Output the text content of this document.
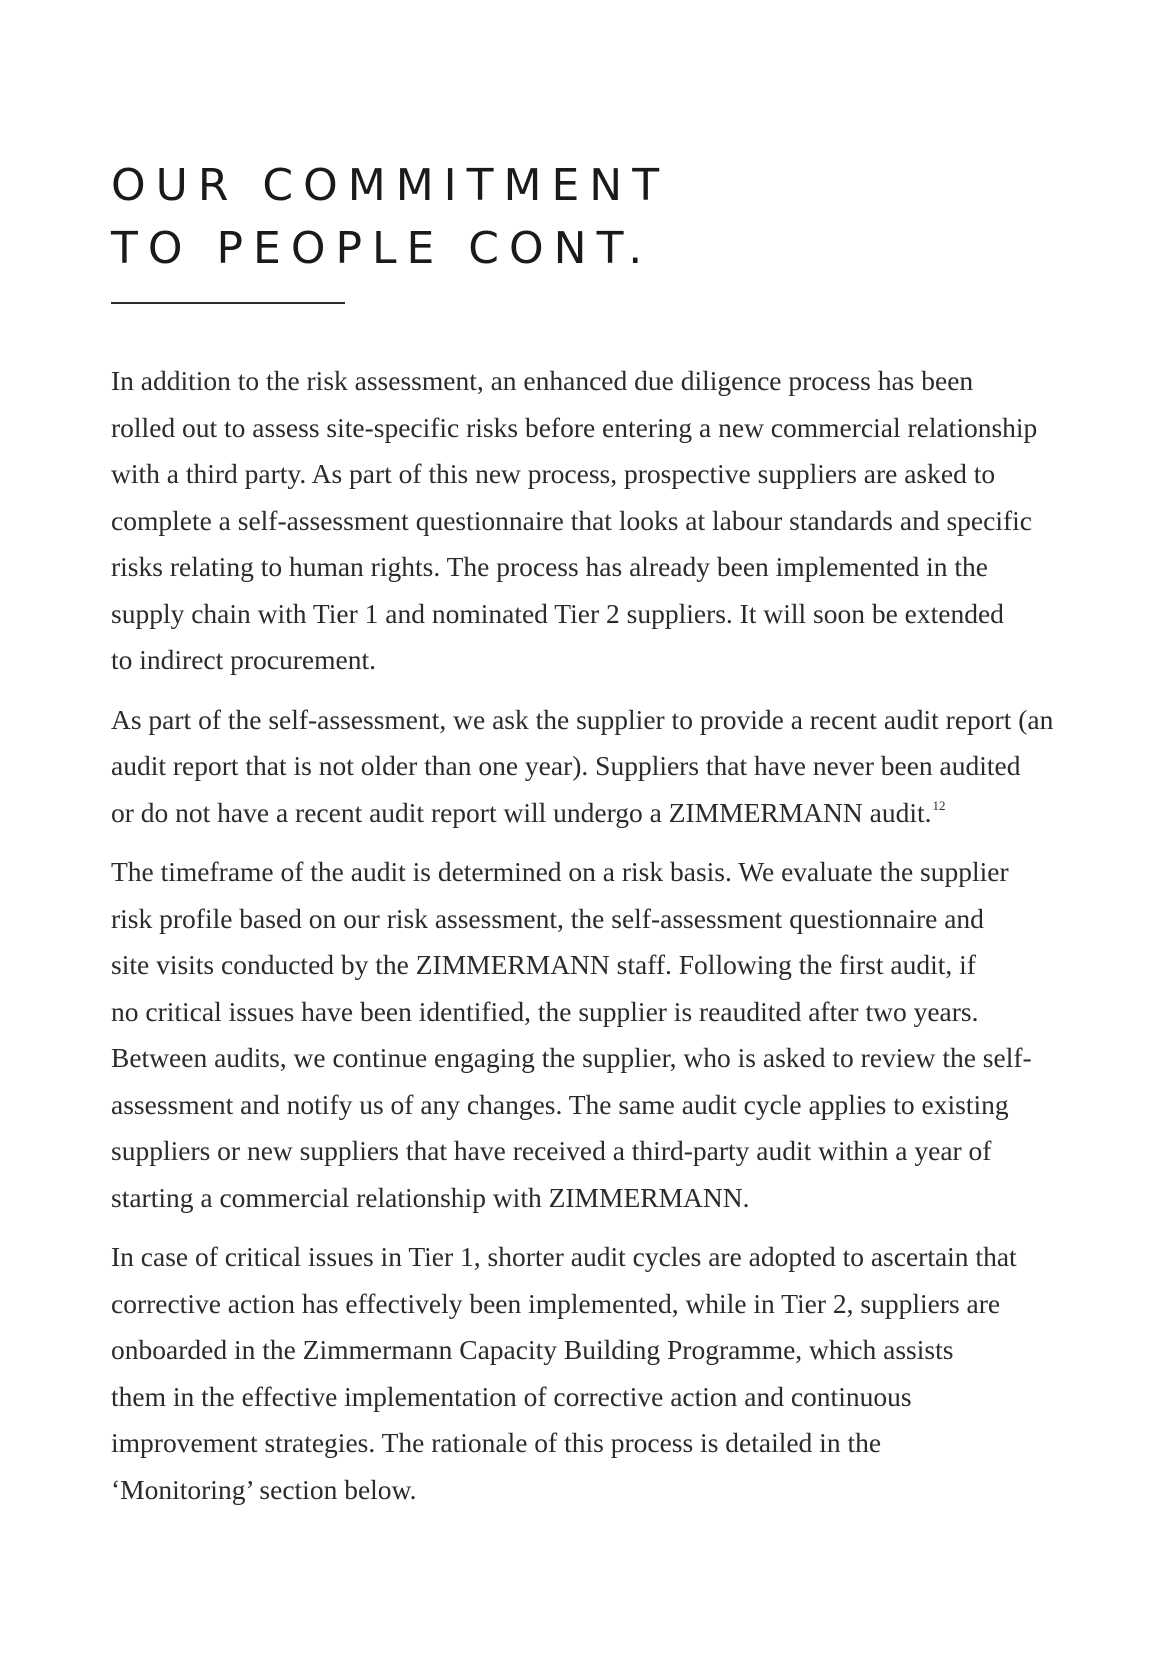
OUR COMMITMENT
TO PEOPLE CONT.

In addition to the risk assessment, an enhanced due diligence process has been
rolled out to assess site-specific risks before entering a new commercial relationship
with a third party. As part of this new process, prospective suppliers are asked to
complete a self-assessment questionnaire that looks at labour standards and specific
risks relating to human rights. The process has already been implemented in the
supply chain with Tier 1 and nominated Tier 2 suppliers. It will soon be extended
to indirect procurement.

As part of the self-assessment, we ask the supplier to provide a recent audit report (an
audit report that is not older than one year). Suppliers that have never been audited
or do not have a recent audit report will undergo a ZIMMERMANN audit.$^{12}$

The timeframe of the audit is determined on a risk basis. We evaluate the supplier
risk profile based on our risk assessment, the self-assessment questionnaire and
site visits conducted by the ZIMMERMANN staff. Following the first audit, if
no critical issues have been identified, the supplier is reaudited after two years.
Between audits, we continue engaging the supplier, who is asked to review the self-
assessment and notify us of any changes. The same audit cycle applies to existing
suppliers or new suppliers that have received a third-party audit within a year of
starting a commercial relationship with ZIMMERMANN.

In case of critical issues in Tier 1, shorter audit cycles are adopted to ascertain that
corrective action has effectively been implemented, while in Tier 2, suppliers are
onboarded in the Zimmermann Capacity Building Programme, which assists
them in the effective implementation of corrective action and continuous
improvement strategies. The rationale of this process is detailed in the
‘Monitoring’ section below.
